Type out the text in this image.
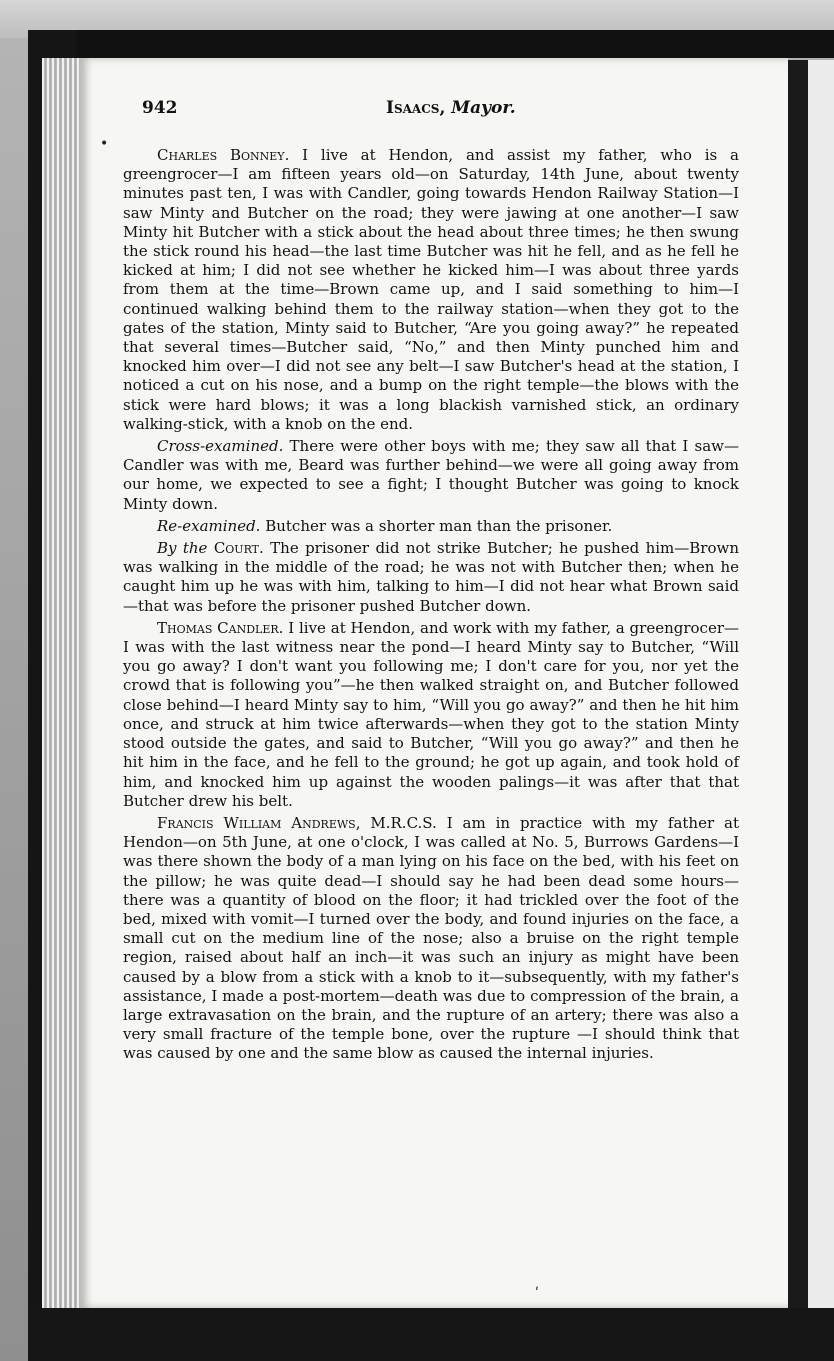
942	Isaacs, Mayor.

Charles Bonney. I live at Hendon, and assist my father, who is a greengrocer—I am fifteen years old—on Saturday, 14th June, about twenty minutes past ten, I was with Candler, going towards Hendon Railway Station—I saw Minty and Butcher on the road; they were jawing at one another—I saw Minty hit Butcher with a stick about the head about three times; he then swung the stick round his head—the last time Butcher was hit he fell, and as he fell he kicked at him; I did not see whether he kicked him—I was about three yards from them at the time—Brown came up, and I said something to him—I continued walking behind them to the railway station—when they got to the gates of the station, Minty said to Butcher, “Are you going away?” he repeated that several times—Butcher said, “No,” and then Minty punched him and knocked him over—I did not see any belt—I saw Butcher's head at the station, I noticed a cut on his nose, and a bump on the right temple—the blows with the stick were hard blows; it was a long blackish varnished stick, an ordinary walking-stick, with a knob on the end.

Cross-examined. There were other boys with me; they saw all that I saw—Candler was with me, Beard was further behind—we were all going away from our home, we expected to see a fight; I thought Butcher was going to knock Minty down.

Re-examined. Butcher was a shorter man than the prisoner.

By the Court. The prisoner did not strike Butcher; he pushed him—Brown was walking in the middle of the road; he was not with Butcher then; when he caught him up he was with him, talking to him—I did not hear what Brown said—that was before the prisoner pushed Butcher down.

Thomas Candler. I live at Hendon, and work with my father, a greengrocer—I was with the last witness near the pond—I heard Minty say to Butcher, “Will you go away? I don't want you following me; I don't care for you, nor yet the crowd that is following you”—he then walked straight on, and Butcher followed close behind—I heard Minty say to him, “Will you go away?” and then he hit him once, and struck at him twice afterwards—when they got to the station Minty stood outside the gates, and said to Butcher, “Will you go away?” and then he hit him in the face, and he fell to the ground; he got up again, and took hold of him, and knocked him up against the wooden palings—it was after that that Butcher drew his belt.

Francis William Andrews, M.R.C.S. I am in practice with my father at Hendon—on 5th June, at one o'clock, I was called at No. 5, Burrows Gardens—I was there shown the body of a man lying on his face on the bed, with his feet on the pillow; he was quite dead—I should say he had been dead some hours—there was a quantity of blood on the floor; it had trickled over the foot of the bed, mixed with vomit—I turned over the body, and found injuries on the face, a small cut on the medium line of the nose; also a bruise on the right temple region, raised about half an inch—it was such an injury as might have been caused by a blow from a stick with a knob to it—subsequently, with my father's assistance, I made a post-mortem—death was due to compression of the brain, a large extravasation on the brain, and the rupture of an artery; there was also a very small fracture of the temple bone, over the rupture —I should think that was caused by one and the same blow as caused the internal injuries.

•
ʹ
